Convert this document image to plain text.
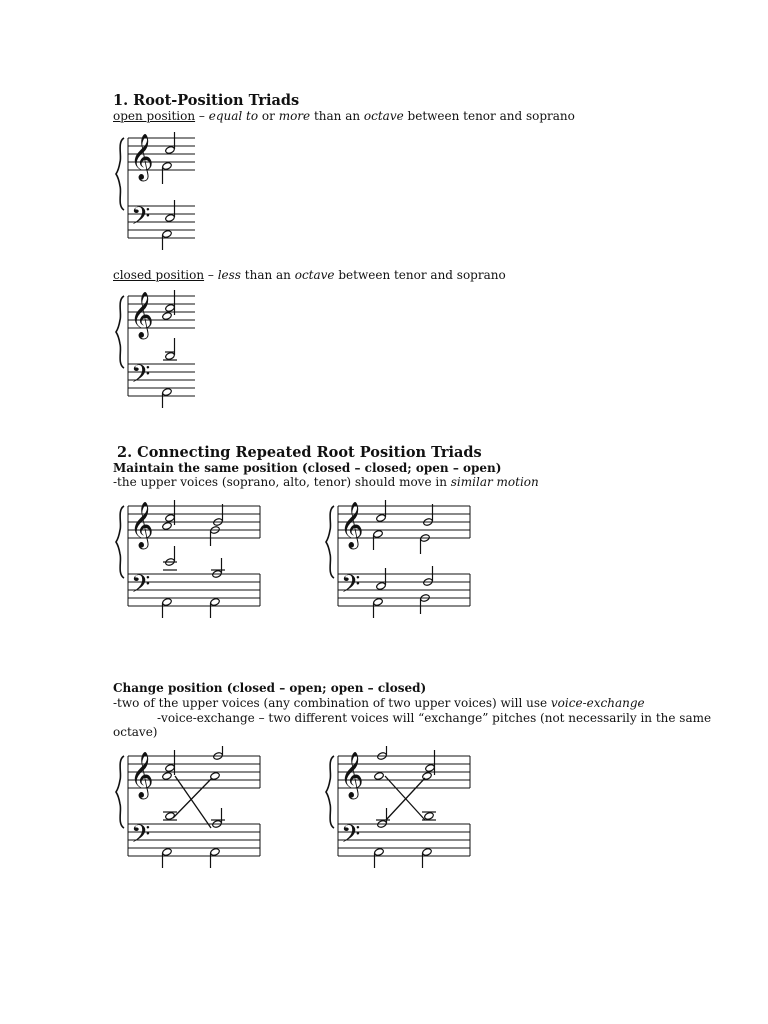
1. Root-Position Triads
open position – equal to or more than an octave between tenor and soprano
𝄞
𝄢
closed position – less than an octave between tenor and soprano
𝄞
𝄢
2. Connecting Repeated Root Position Triads
Maintain the same position (closed – closed; open – open)
-the upper voices (soprano, alto, tenor) should move in similar motion
𝄞
𝄢
𝄞
𝄢
Change position (closed – open; open – closed)
-two of the upper voices (any combination of two upper voices) will use voice-exchange
-voice-exchange – two different voices will “exchange” pitches (not necessarily in the same
octave)
𝄞
𝄢
𝄞
𝄢
